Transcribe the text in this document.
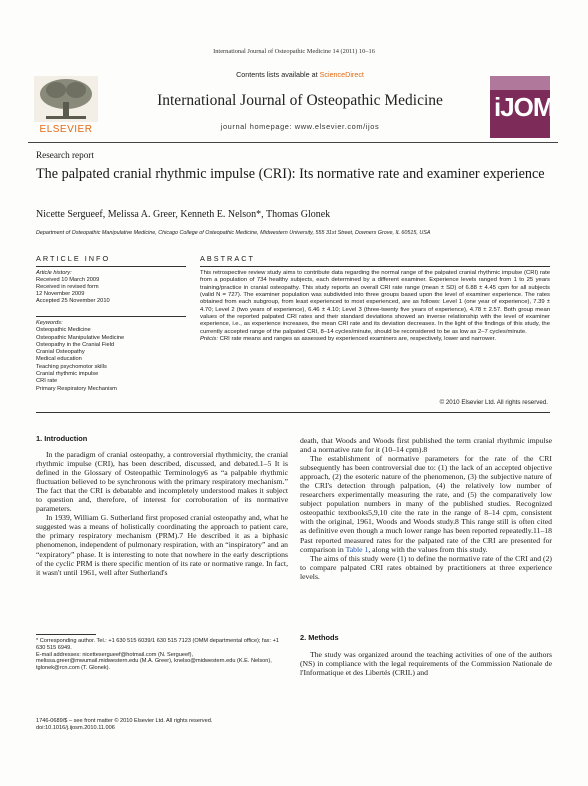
International Journal of Osteopathic Medicine 14 (2011) 10–16
ELSEVIER
Contents lists available at ScienceDirect
International Journal of Osteopathic Medicine
journal homepage: www.elsevier.com/ijos
iJOM
Research report
The palpated cranial rhythmic impulse (CRI): Its normative rate and examiner experience
Nicette Sergueef, Melissa A. Greer, Kenneth E. Nelson*, Thomas Glonek
Department of Osteopathic Manipulative Medicine, Chicago College of Osteopathic Medicine, Midwestern University, 555 31st Street, Downers Grove, IL 60515, USA
ARTICLE INFO	ABSTRACT
Article history:
Received 10 March 2009
Received in revised form
12 November 2009
Accepted 25 November 2010
Keywords:
Osteopathic Medicine
Osteopathic Manipulative Medicine
Osteopathy in the Cranial Field
Cranial Osteopathy
Medical education
Teaching psychomotor skills
Cranial rhythmic impulse
CRI rate
Primary Respiratory Mechanism
This retrospective review study aims to contribute data regarding the normal range of the palpated cranial rhythmic impulse (CRI) rate from a population of 734 healthy subjects, each determined by a different examiner. Experience levels ranged from 1 to 25 years training/practice in cranial osteopathy. This study reports an overall CRI rate range (mean ± SD) of 6.88 ± 4.45 cpm for all subjects (valid N = 727). The examiner population was subdivided into three groups based upon the level of examiner experience. The rates obtained from each subgroup, from least experienced to most experienced, are as follows: Level 1 (one year of experience), 7.39 ± 4.70; Level 2 (two years of experience), 6.46 ± 4.10; Level 3 (three-twenty five years of experience), 4.78 ± 2.57. Both group mean values of the reported palpated CRI rates and their standard deviations showed an inverse relationship with the level of examiner experience, i.e., as experience increases, the mean CRI rate and its deviation decreases. In the light of the findings of this study, the currently accepted range of the palpated CRI, 8–14 cycles/minute, should be reconsidered to be as low as 2–7 cycles/minute.
Précis: CRI rate means and ranges as assessed by experienced examiners are, respectively, lower and narrower.
© 2010 Elsevier Ltd. All rights reserved.
1. Introduction

In the paradigm of cranial osteopathy, a controversial rhythmicity, the cranial rhythmic impulse (CRI), has been described, discussed, and debated.1–5 It is defined in the Glossary of Osteopathic Terminology6 as “a palpable rhythmic fluctuation believed to be synchronous with the primary respiratory mechanism.” The fact that the CRI is debatable and incompletely understood makes it subject to question and, therefore, of interest for corroboration of its normative parameters.

In 1939, William G. Sutherland first proposed cranial osteopathy and, what he suggested was a means of holistically coordinating the approach to patient care, the primary respiratory mechanism (PRM).7 He described it as a biphasic phenomenon, independent of pulmonary respiration, with an “inspiratory” and an “expiratory” phase. It is interesting to note that nowhere in the early descriptions of the cyclic PRM is there specific mention of its rate or normative range. In fact, it wasn't until 1961, well after Sutherland's

* Corresponding author. Tel.: +1 630 515 6039/1 630 515 7123 (OMM departmental office); fax: +1 630 515 6949.
E-mail addresses: nicettesergueef@hotmail.com (N. Sergueef), melissa.greer@mwumail.midwestern.edu (M.A. Greer), knelso@midwestern.edu (K.E. Nelson), tglonek@rcn.com (T. Glonek).
1746-0689/$ – see front matter © 2010 Elsevier Ltd. All rights reserved.
doi:10.1016/j.ijosm.2010.11.006

death, that Woods and Woods first published the term cranial rhythmic impulse and a normative rate for it (10–14 cpm).8

The establishment of normative parameters for the rate of the CRI subsequently has been controversial due to: (1) the lack of an accepted objective approach, (2) the esoteric nature of the phenomenon, (3) the subjective nature of the CRI's detection through palpation, (4) the relatively low number of researchers experimentally measuring the rate, and (5) the comparatively low subject population numbers in many of the published studies. Recognized osteopathic textbooks5,9,10 cite the rate in the range of 8–14 cpm, consistent with the original, 1961, Woods and Woods study.8 This range still is often cited as definitive even though a much lower range has been reported repeatedly.11–18 Past reported measured rates for the palpated rate of the CRI are presented for comparison in Table 1, along with the values from this study.

The aims of this study were (1) to define the normative rate of the CRI and (2) to compare palpated CRI rates obtained by practitioners at three experience levels.

2. Methods

The study was organized around the teaching activities of one of the authors (NS) in compliance with the legal requirements of the Commission Nationale de l'Informatique et des Libertés (CRIL) and
